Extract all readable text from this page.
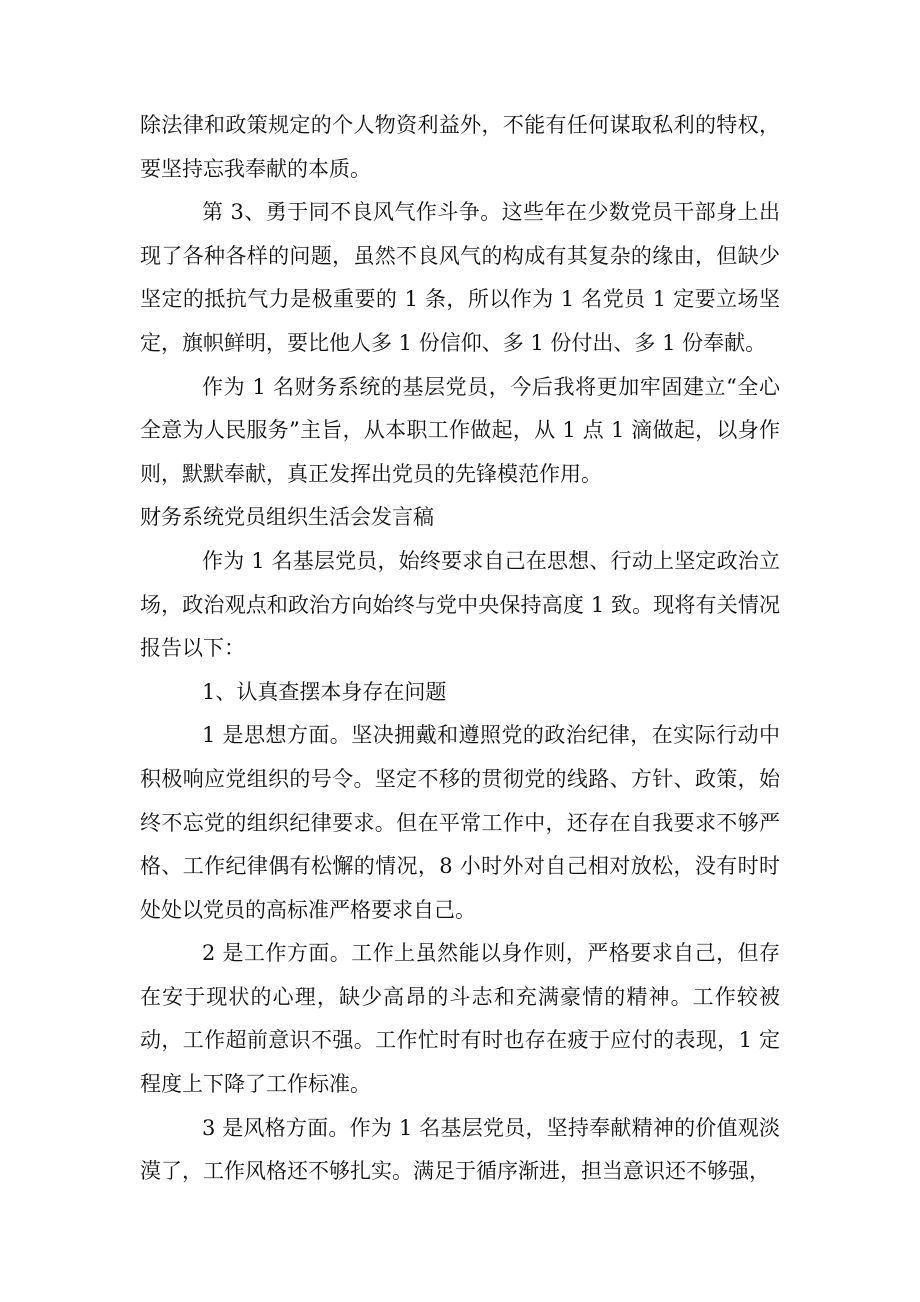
除法律和政策规定的个人物资利益外，不能有任何谋取私利的特权，要坚持忘我奉献的本质。

第 3、勇于同不良风气作斗争。这些年在少数党员干部身上出现了各种各样的问题，虽然不良风气的构成有其复杂的缘由，但缺少坚定的抵抗气力是极重要的 1 条，所以作为 1 名党员 1 定要立场坚定，旗帜鲜明，要比他人多 1 份信仰、多 1 份付出、多 1 份奉献。

作为 1 名财务系统的基层党员，今后我将更加牢固建立“全心全意为人民服务”主旨，从本职工作做起，从 1 点 1 滴做起，以身作则，默默奉献，真正发挥出党员的先锋模范作用。

财务系统党员组织生活会发言稿

作为 1 名基层党员，始终要求自己在思想、行动上坚定政治立场，政治观点和政治方向始终与党中央保持高度 1 致。现将有关情况报告以下：

1、认真查摆本身存在问题

1 是思想方面。坚决拥戴和遵照党的政治纪律，在实际行动中积极响应党组织的号令。坚定不移的贯彻党的线路、方针、政策，始终不忘党的组织纪律要求。但在平常工作中，还存在自我要求不够严格、工作纪律偶有松懈的情况，8 小时外对自己相对放松，没有时时处处以党员的高标准严格要求自己。

2 是工作方面。工作上虽然能以身作则，严格要求自己，但存在安于现状的心理，缺少高昂的斗志和充满豪情的精神。工作较被动，工作超前意识不强。工作忙时有时也存在疲于应付的表现，1 定程度上下降了工作标准。

3 是风格方面。作为 1 名基层党员，坚持奉献精神的价值观淡漠了，工作风格还不够扎实。满足于循序渐进，担当意识还不够强，
